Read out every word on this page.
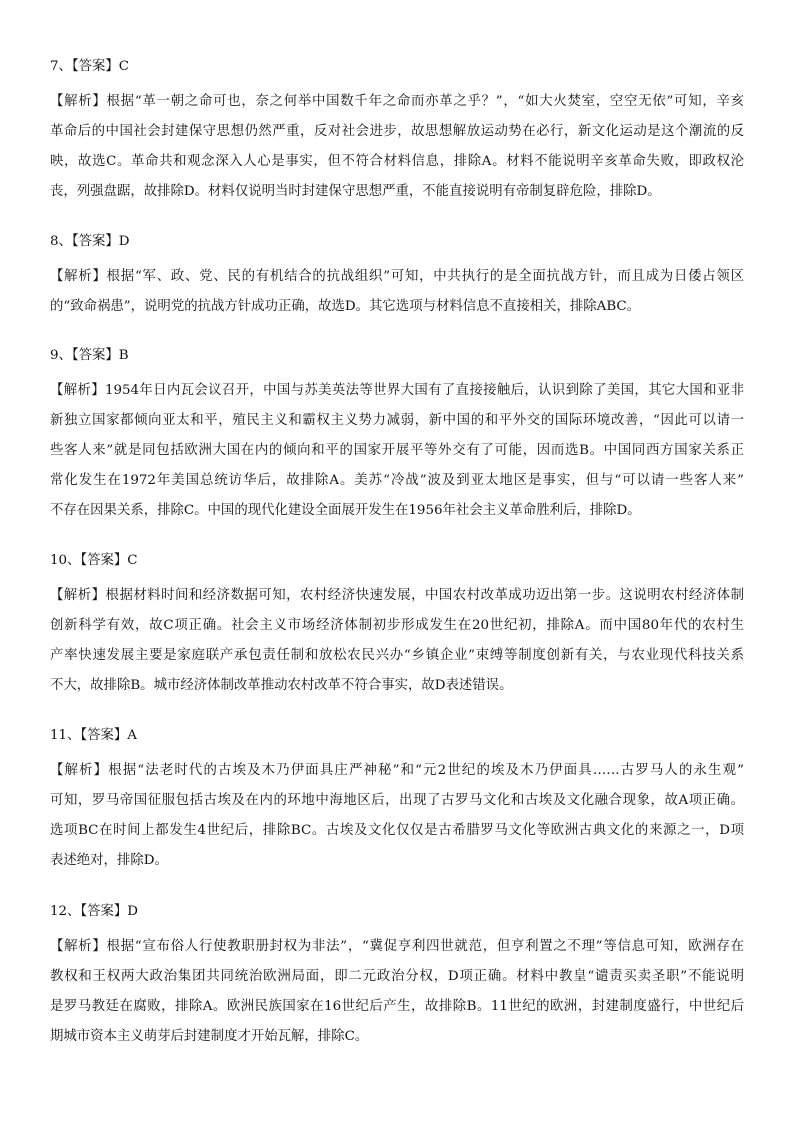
7、【答案】C
【解析】根据“革一朝之命可也，奈之何举中国数千年之命而亦革之乎？”，“如大火焚室，空空无依”可知，辛亥
革命后的中国社会封建保守思想仍然严重，反对社会进步，故思想解放运动势在必行，新文化运动是这个潮流的反
映，故选C。革命共和观念深入人心是事实，但不符合材料信息，排除A。材料不能说明辛亥革命失败，即政权沦
丧，列强盘踞，故排除D。材料仅说明当时封建保守思想严重，不能直接说明有帝制复辟危险，排除D。
8、【答案】D
【解析】根据“军、政、党、民的有机结合的抗战组织”可知，中共执行的是全面抗战方针，而且成为日倭占领区
的“致命祸患”，说明党的抗战方针成功正确，故选D。其它选项与材料信息不直接相关，排除ABC。
9、【答案】B
【解析】1954年日内瓦会议召开，中国与苏美英法等世界大国有了直接接触后，认识到除了美国，其它大国和亚非
新独立国家都倾向亚太和平，殖民主义和霸权主义势力减弱，新中国的和平外交的国际环境改善，“因此可以请一
些客人来”就是同包括欧洲大国在内的倾向和平的国家开展平等外交有了可能，因而选B。中国同西方国家关系正
常化发生在1972年美国总统访华后，故排除A。美苏“冷战”波及到亚太地区是事实，但与“可以请一些客人来”
不存在因果关系，排除C。中国的现代化建设全面展开发生在1956年社会主义革命胜利后，排除D。
10、【答案】C
【解析】根据材料时间和经济数据可知，农村经济快速发展，中国农村改革成功迈出第一步。这说明农村经济体制
创新科学有效，故C项正确。社会主义市场经济体制初步形成发生在20世纪初，排除A。而中国80年代的农村生
产率快速发展主要是家庭联产承包责任制和放松农民兴办“乡镇企业”束缚等制度创新有关，与农业现代科技关系
不大，故排除B。城市经济体制改革推动农村改革不符合事实，故D表述错误。
11、【答案】A
【解析】根据“法老时代的古埃及木乃伊面具庄严神秘”和“元2世纪的埃及木乃伊面具……古罗马人的永生观”
可知，罗马帝国征服包括古埃及在内的环地中海地区后，出现了古罗马文化和古埃及文化融合现象，故A项正确。
选项BC在时间上都发生4世纪后，排除BC。古埃及文化仅仅是古希腊罗马文化等欧洲古典文化的来源之一，D项
表述绝对，排除D。
12、【答案】D
【解析】根据“宣布俗人行使教职册封权为非法”，“冀促亨利四世就范，但亨利置之不理”等信息可知，欧洲存在
教权和王权两大政治集团共同统治欧洲局面，即二元政治分权，D项正确。材料中教皇“谴责买卖圣职”不能说明
是罗马教廷在腐败，排除A。欧洲民族国家在16世纪后产生，故排除B。11世纪的欧洲，封建制度盛行，中世纪后
期城市资本主义萌芽后封建制度才开始瓦解，排除C。
